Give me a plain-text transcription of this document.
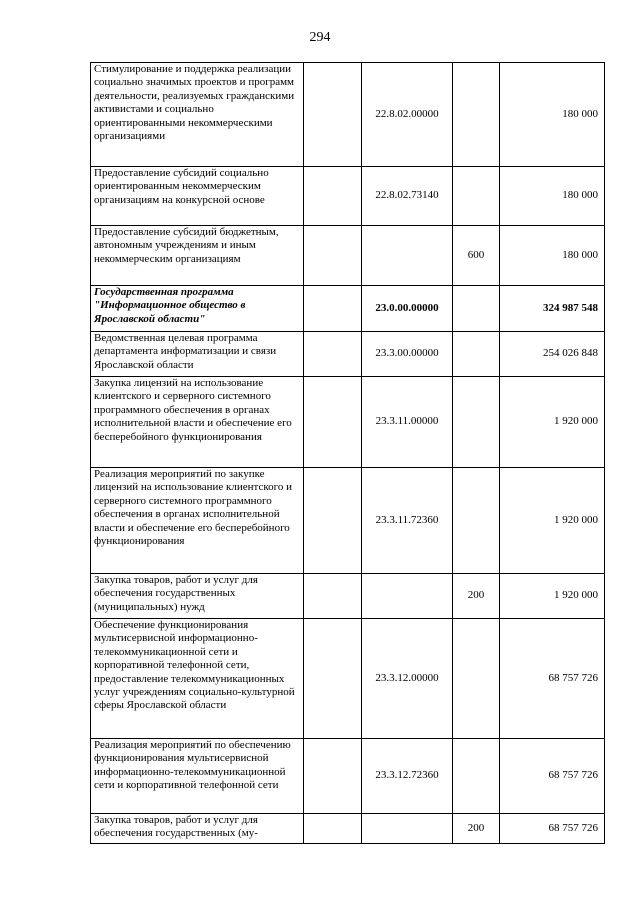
294
Стимулирование и поддержка реализации социально значимых проектов и программ деятельности, реализуемых гражданскими активистами и социально ориентированными некоммерческими организациями		22.8.02.00000		180 000
Предоставление субсидий социально ориентированным некоммерческим организациям на конкурсной основе		22.8.02.73140		180 000
Предоставление субсидий бюджетным, автономным учреждениям и иным некоммерческим организациям			600	180 000
Государственная программа "Информационное общество в Ярославской области"		23.0.00.00000		324 987 548
Ведомственная целевая программа департамента информатизации и связи Ярославской области		23.3.00.00000		254 026 848
Закупка лицензий на использование клиентского и серверного системного программного обеспечения в органах исполнительной власти и обеспечение его бесперебойного функционирования		23.3.11.00000		1 920 000
Реализация мероприятий по закупке лицензий на использование клиентского и серверного системного программного обеспечения в органах исполнительной власти и обеспечение его бесперебойного функционирования		23.3.11.72360		1 920 000
Закупка товаров, работ и услуг для обеспечения государственных (муниципальных) нужд			200	1 920 000
Обеспечение функционирования мультисервисной информационно-телекоммуникационной сети и корпоративной телефонной сети, предоставление телекоммуникационных услуг учреждениям социально-культурной сферы Ярославской области		23.3.12.00000		68 757 726
Реализация мероприятий по обеспечению функционирования мультисервисной информационно-телекоммуникационной сети и корпоративной телефонной сети		23.3.12.72360		68 757 726
Закупка товаров, работ и услуг для обеспечения государственных (му-			200	68 757 726
